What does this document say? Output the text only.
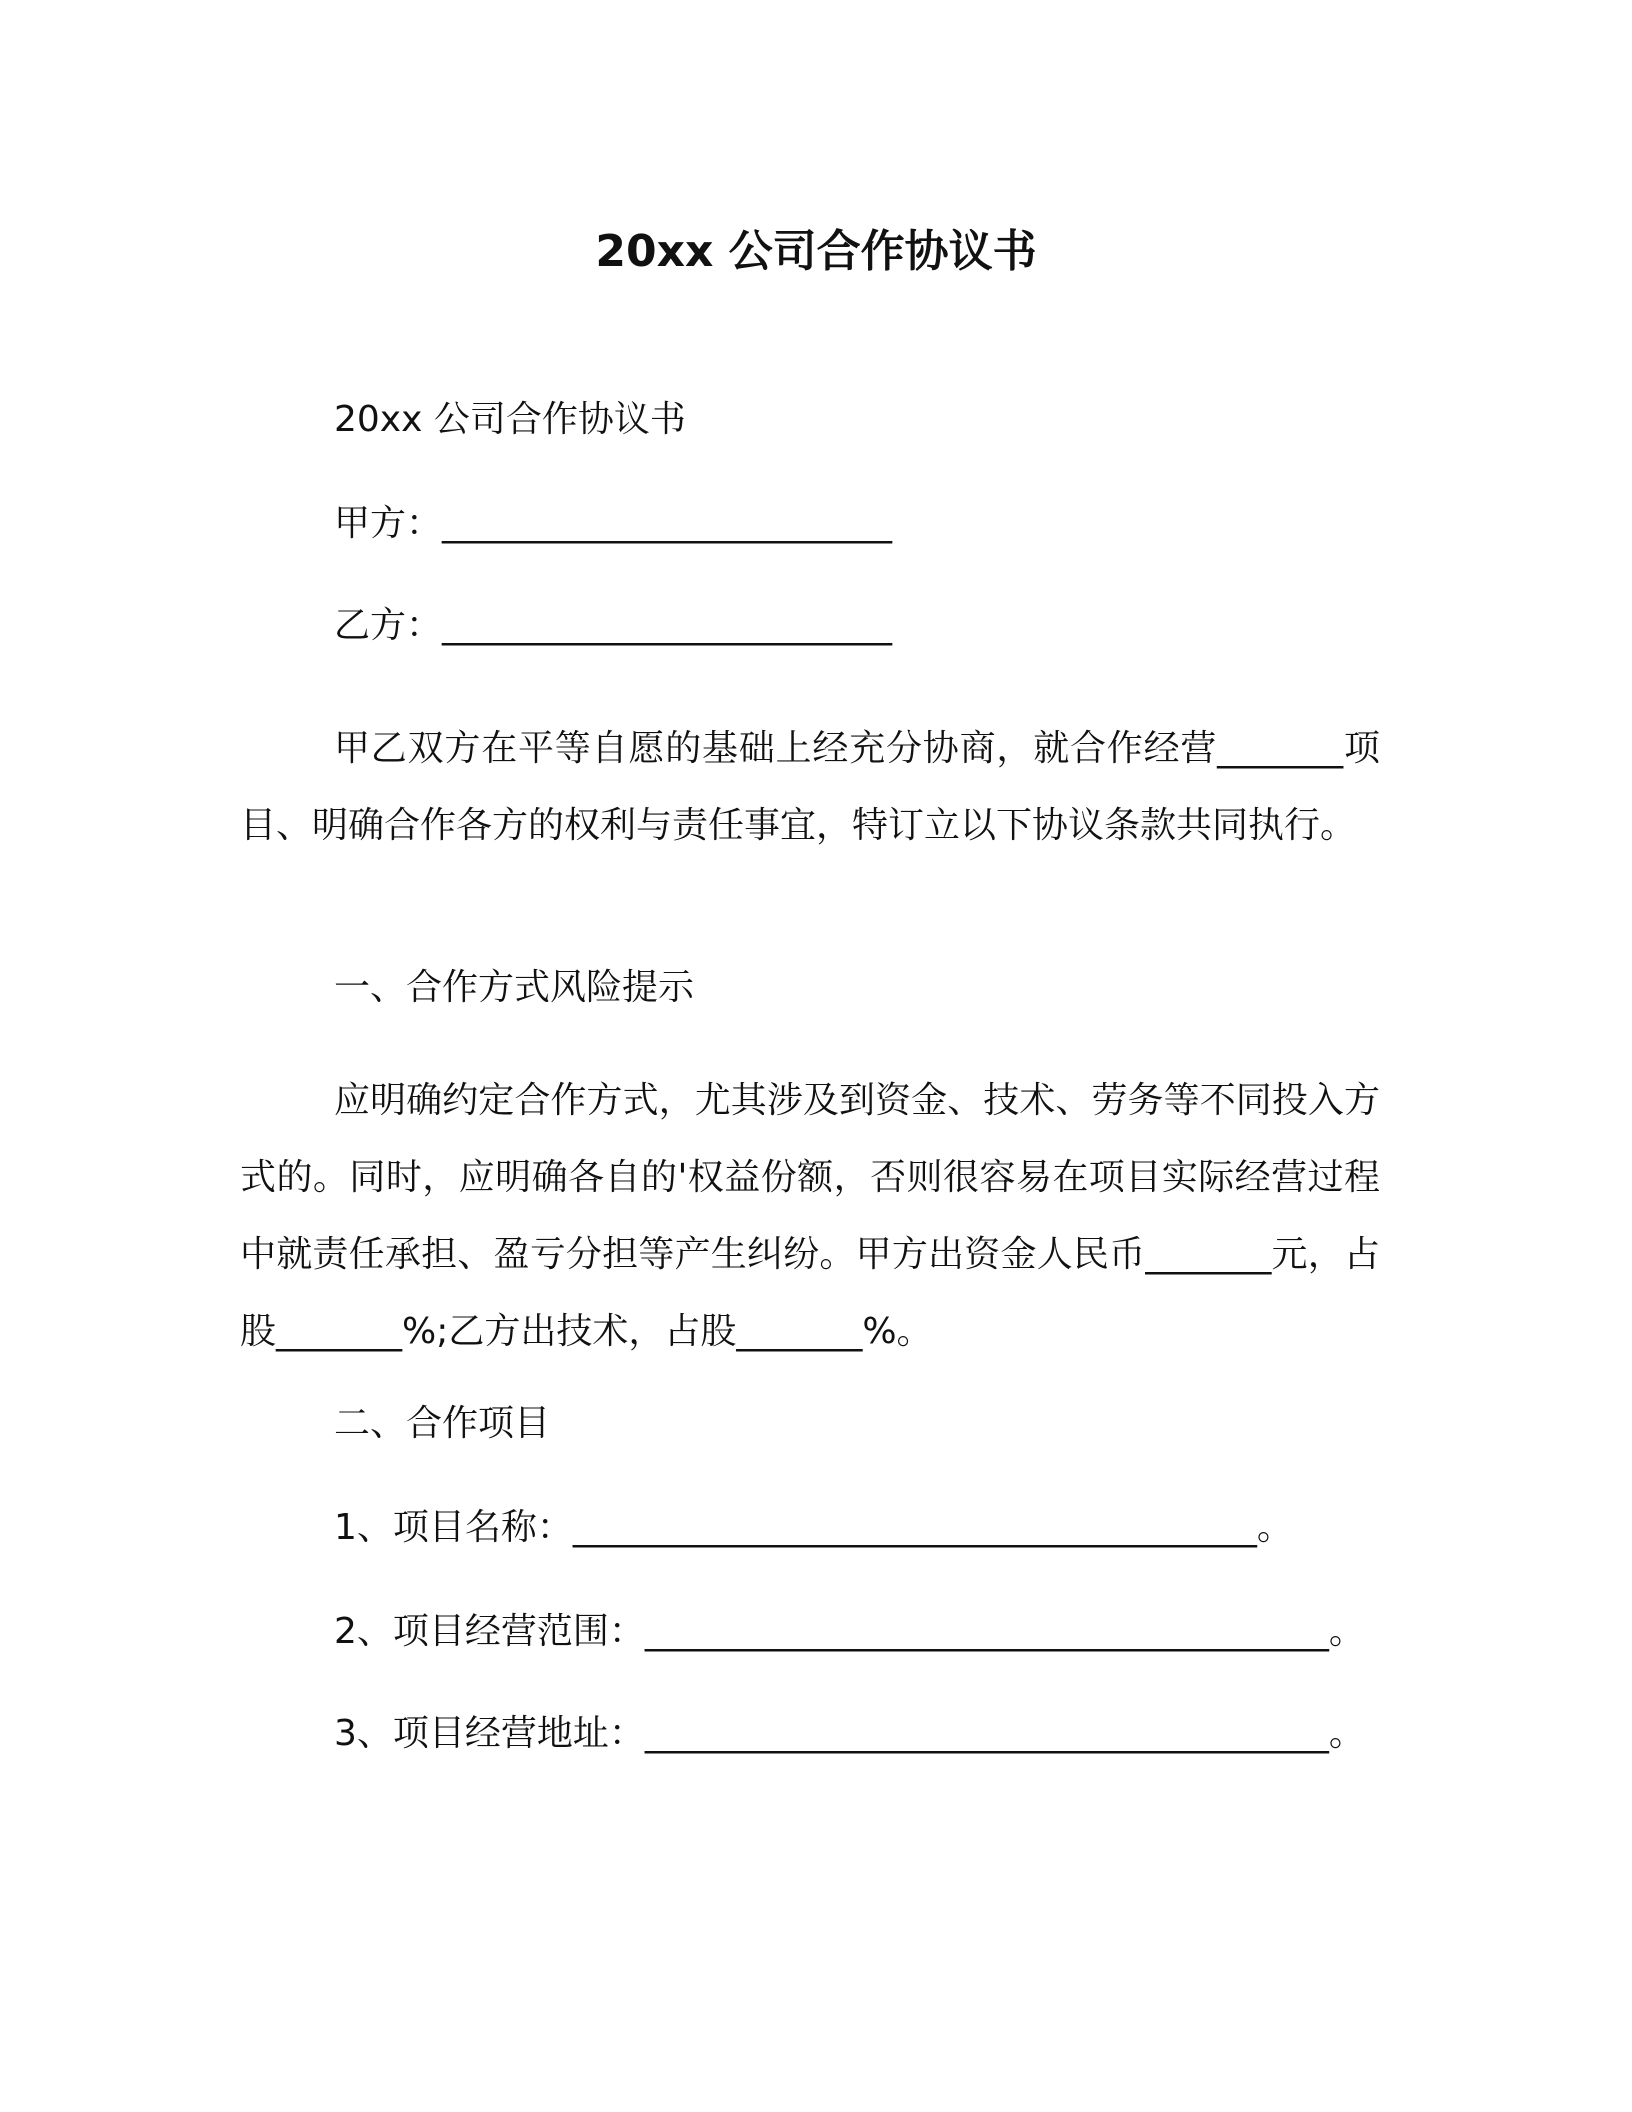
20xx 公司合作协议书
20xx 公司合作协议书
甲方：_________________________
乙方：_________________________
甲乙双方在平等自愿的基础上经充分协商，就合作经营_______项目、明确合作各方的权利与责任事宜，特订立以下协议条款共同执行。
一、合作方式风险提示
应明确约定合作方式，尤其涉及到资金、技术、劳务等不同投入方式的。同时，应明确各自的'权益份额，否则很容易在项目实际经营过程中就责任承担、盈亏分担等产生纠纷。甲方出资金人民币_______元，占股_______%;乙方出技术，占股_______%。
二、合作项目
1、项目名称：______________________________________。
2、项目经营范围：______________________________________。
3、项目经营地址：______________________________________。
